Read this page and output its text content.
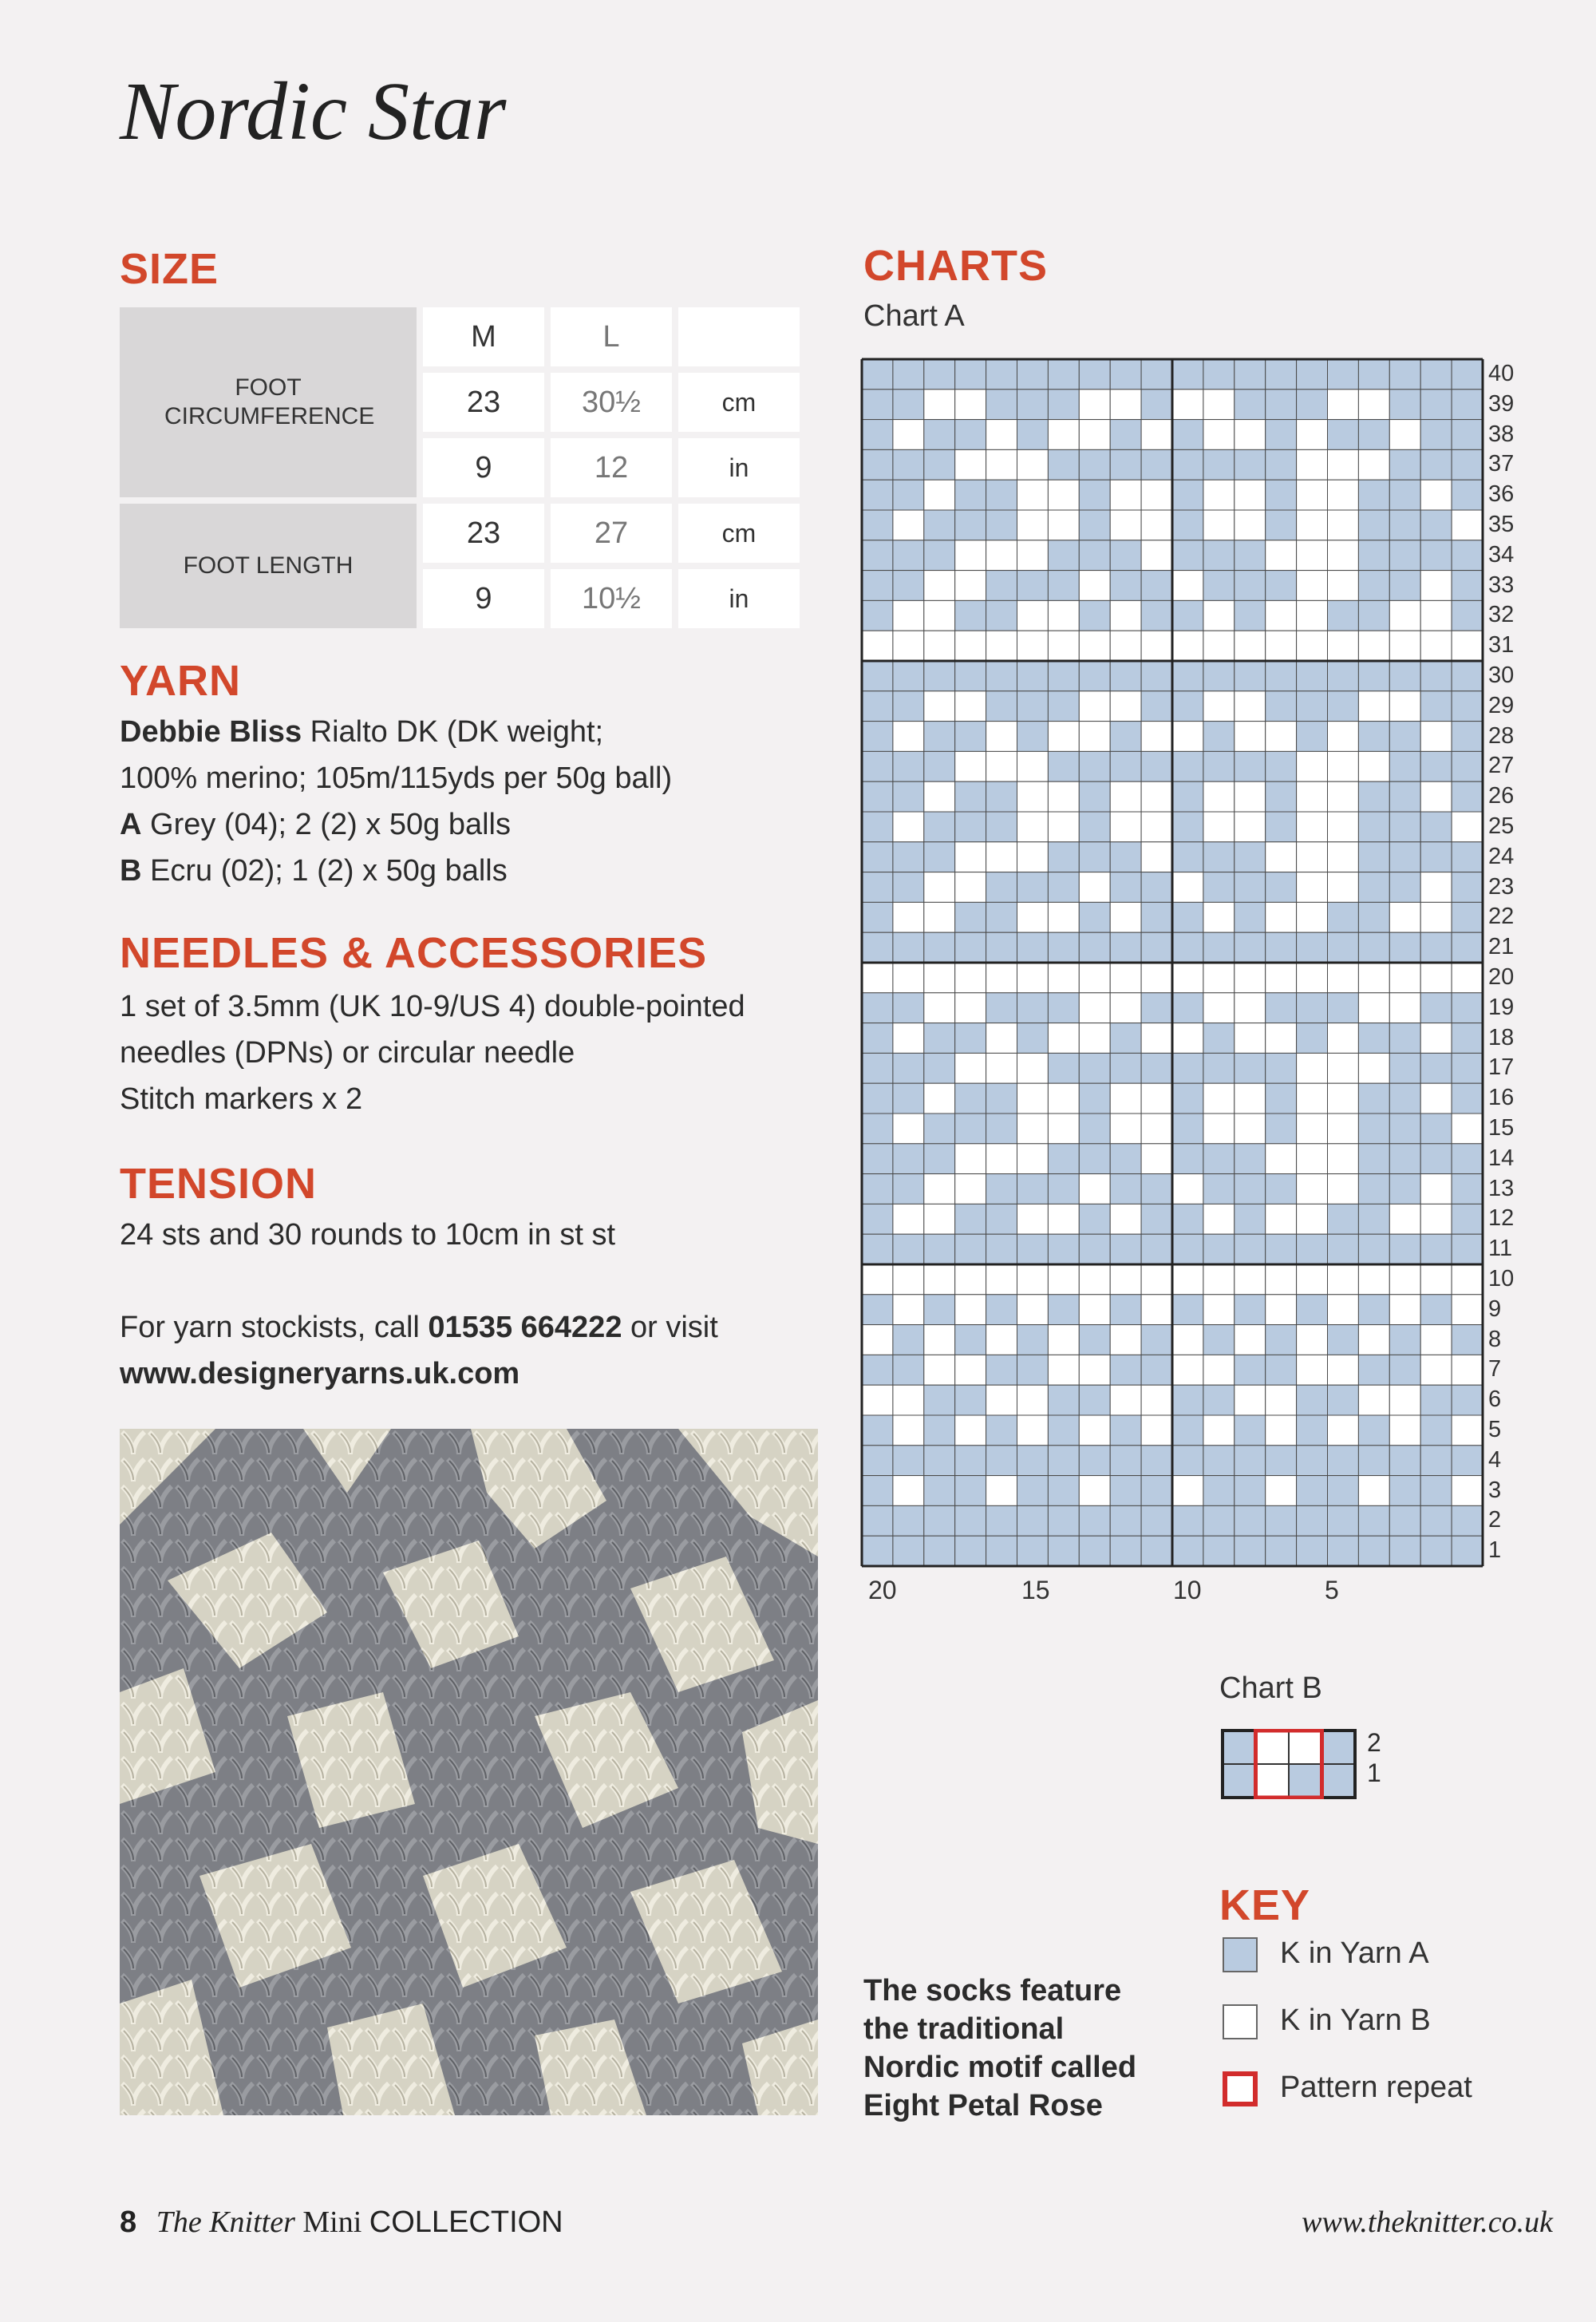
Nordic Star
SIZE
FOOT CIRCUMFERENCE	M	L	
	23	30½	cm
	9	12	in
FOOT LENGTH	23	27	cm
	9	10½	in
YARN
Debbie Bliss Rialto DK (DK weight;
100% merino; 105m/115yds per 50g ball)
A Grey (04); 2 (2) x 50g balls
B Ecru (02); 1 (2) x 50g balls
NEEDLES & ACCESSORIES
1 set of 3.5mm (UK 10-9/US 4) double-pointed
needles (DPNs) or circular needle
Stitch markers x 2
TENSION
24 sts and 30 rounds to 10cm in st st
For yarn stockists, call 01535 664222 or visit
www.designeryarns.uk.com
CHARTS
Chart A
40
39
38
37
36
35
34
33
32
31
30
29
28
27
26
25
24
23
22
21
20
19
18
17
16
15
14
13
12
11
10
9
8
7
6
5
4
3
2
1
20	15	10	5
Chart B
2
1
KEY
K in Yarn A
K in Yarn B
Pattern repeat
The socks feature
the traditional
Nordic motif called
Eight Petal Rose
8 The Knitter Mini COLLECTION	www.theknitter.co.uk
